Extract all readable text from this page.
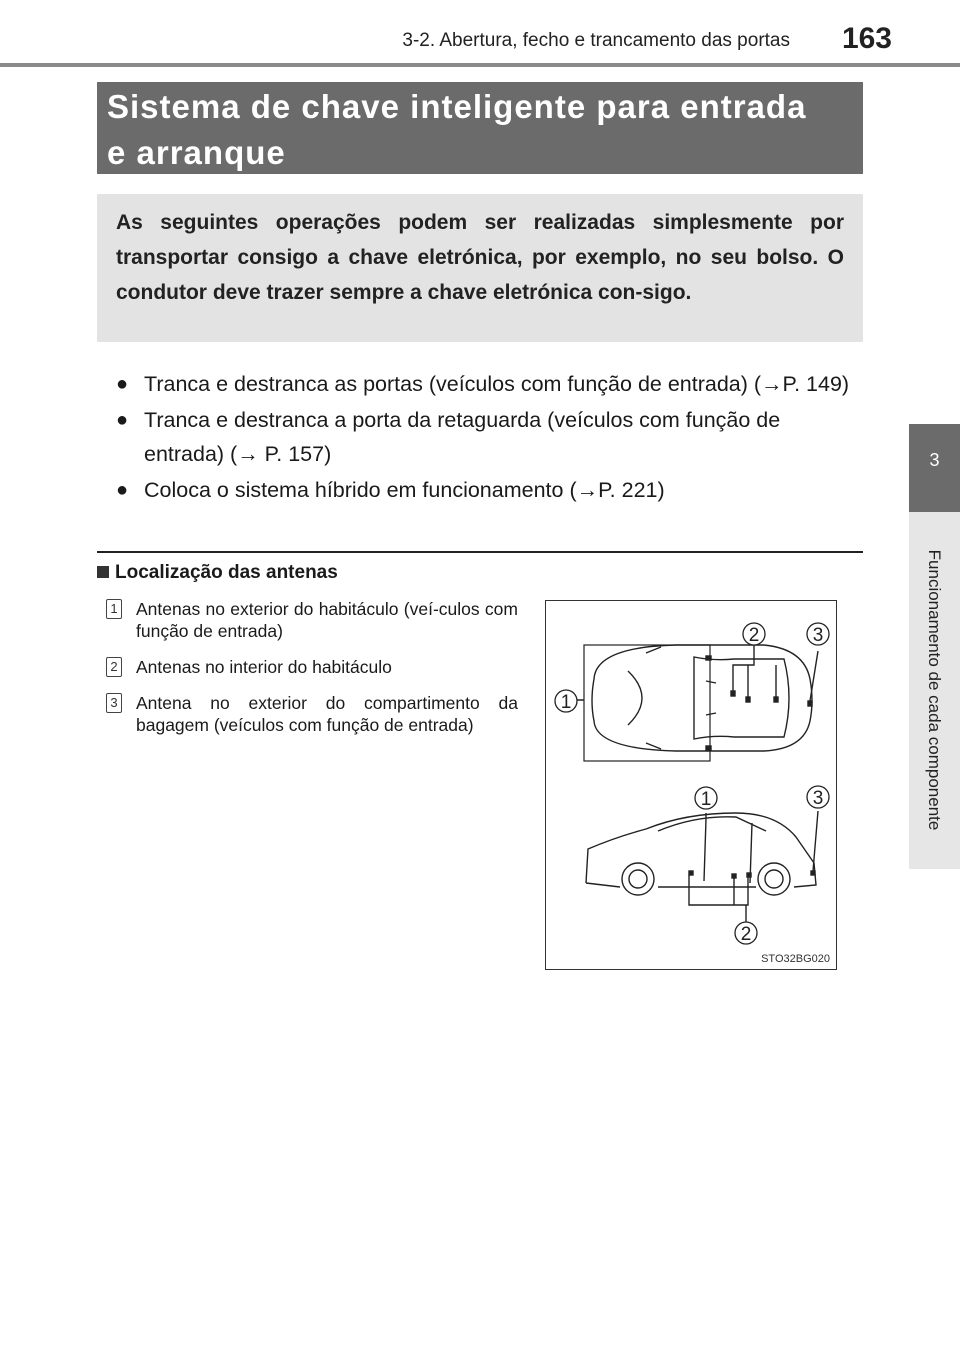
3-2. Abertura, fecho e trancamento das portas 163
Sistema de chave inteligente para entrada
e arranque
As seguintes operações podem ser realizadas simplesmente por transportar consigo a chave eletrónica, por exemplo, no seu bolso. O condutor deve trazer sempre a chave eletrónica con-sigo.
● Tranca e destranca as portas (veículos com função de entrada) (→P. 149)
● Tranca e destranca a porta da retaguarda (veículos com função de entrada) (→ P. 157)
● Coloca o sistema híbrido em funcionamento (→P. 221)
Localização das antenas
1 Antenas no exterior do habitáculo (veí-culos com função de entrada)
2 Antenas no interior do habitáculo
3 Antena no exterior do compartimento da bagagem (veículos com função de entrada)
1
2	3
1	3
2
STO32BG020
3
Funcionamento de cada componente
